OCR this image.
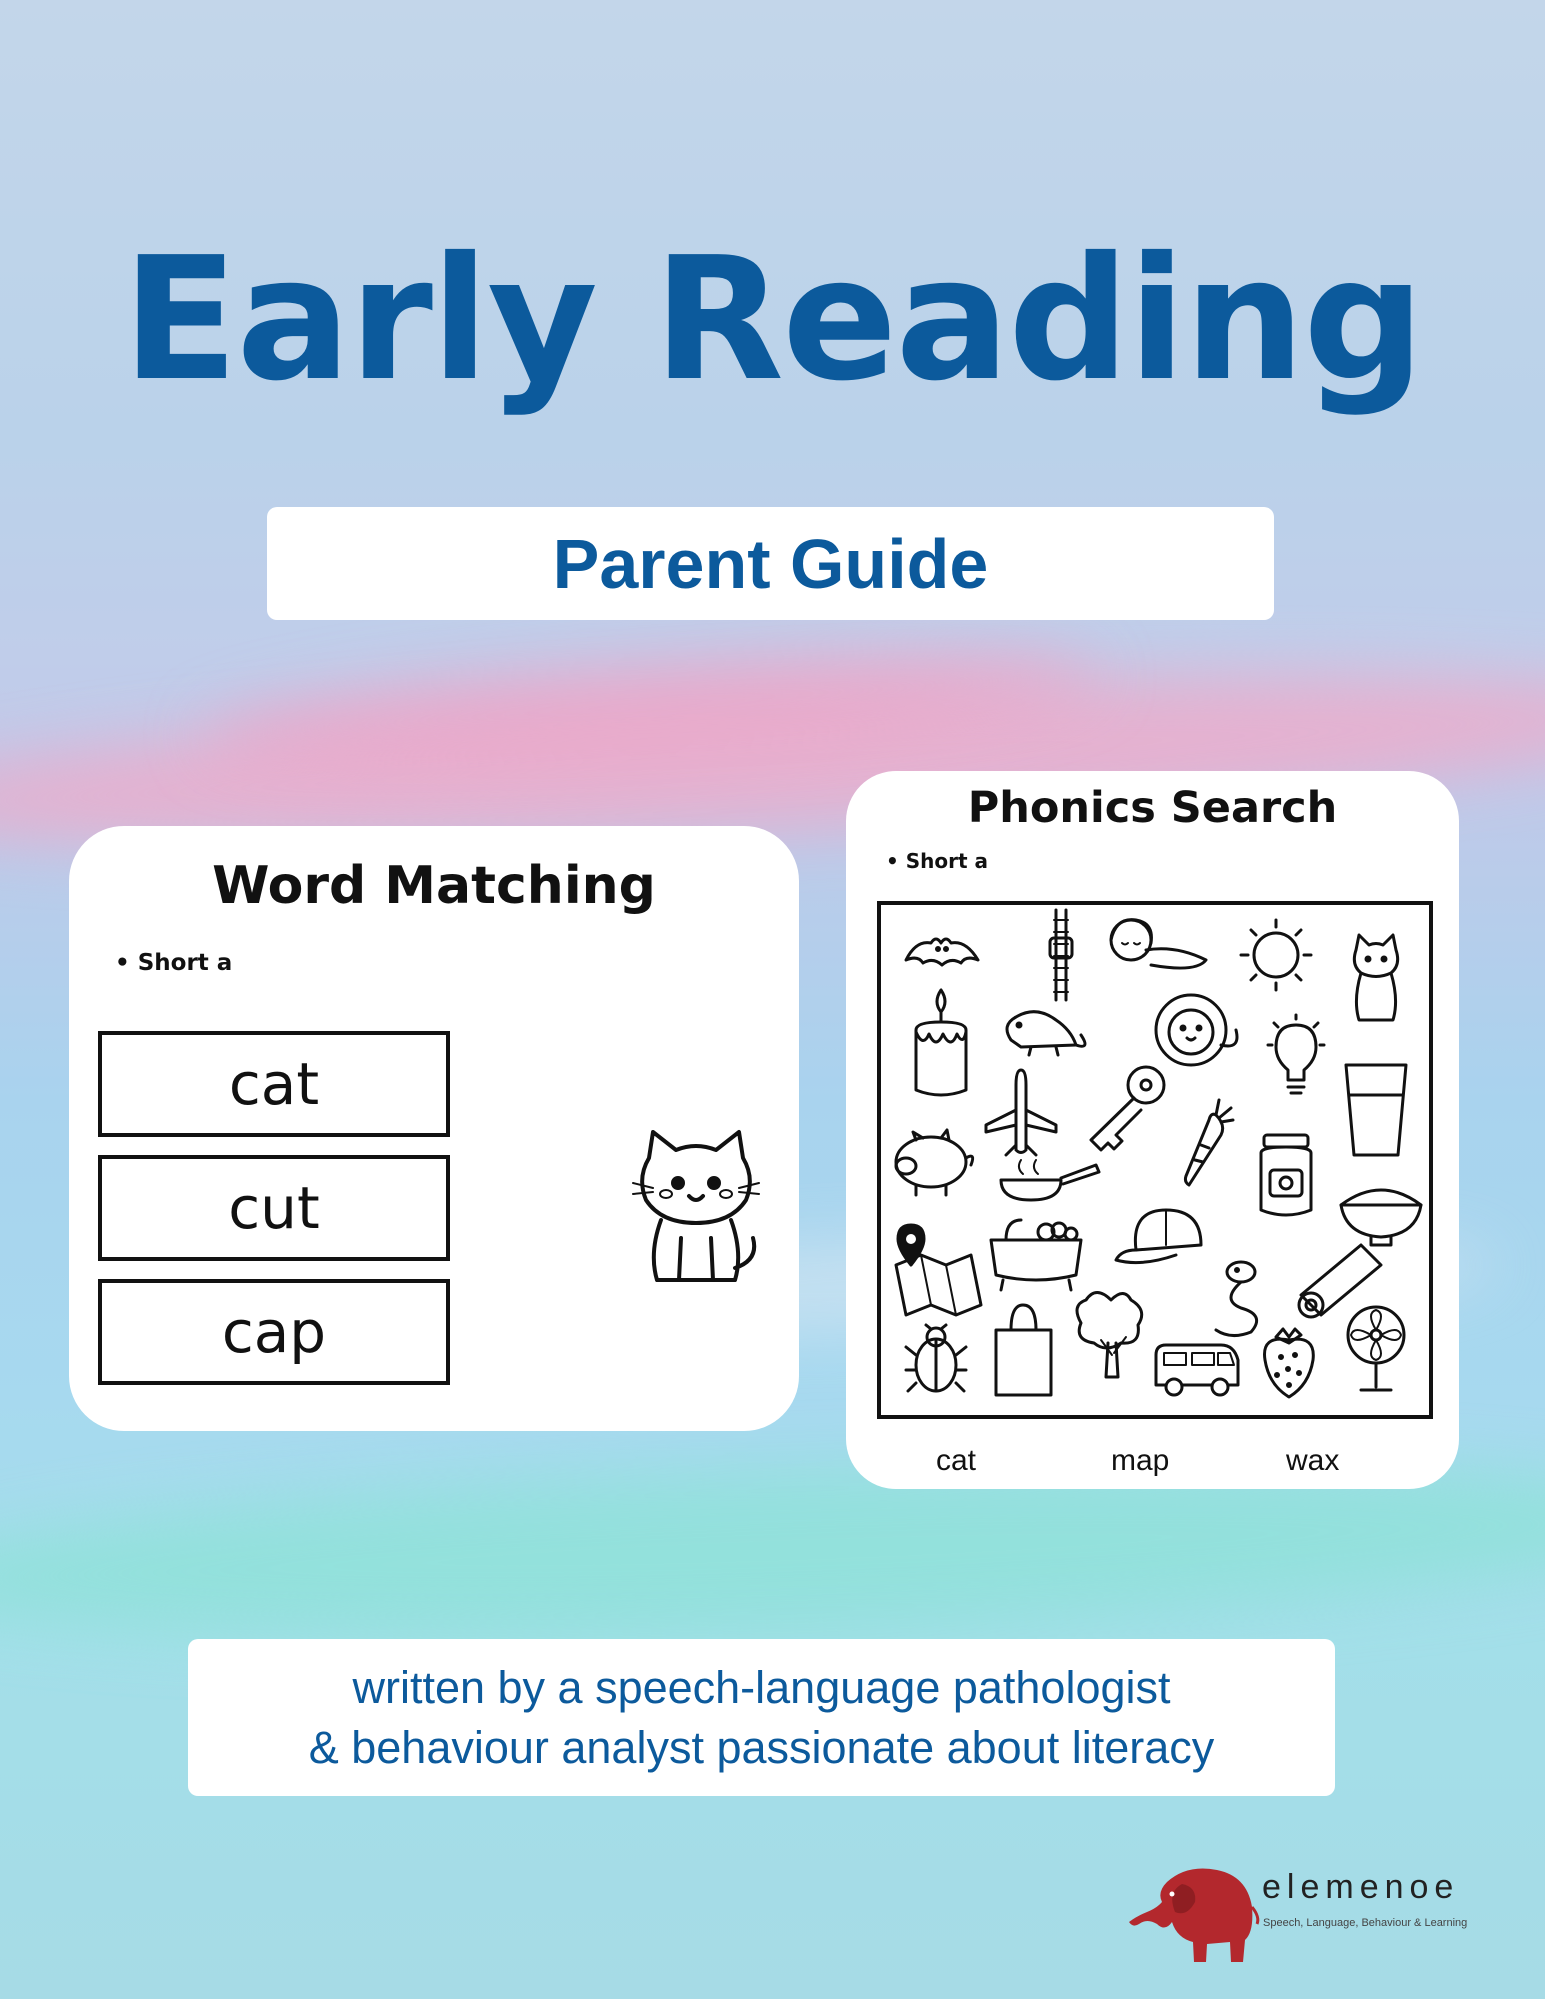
Early Reading
Parent Guide
Word Matching
• Short a
cat
cut
cap
Phonics Search
• Short a
cat	map	wax
written by a speech-language pathologist
& behaviour analyst passionate about literacy
elemenoe
Speech, Language, Behaviour & Learning
